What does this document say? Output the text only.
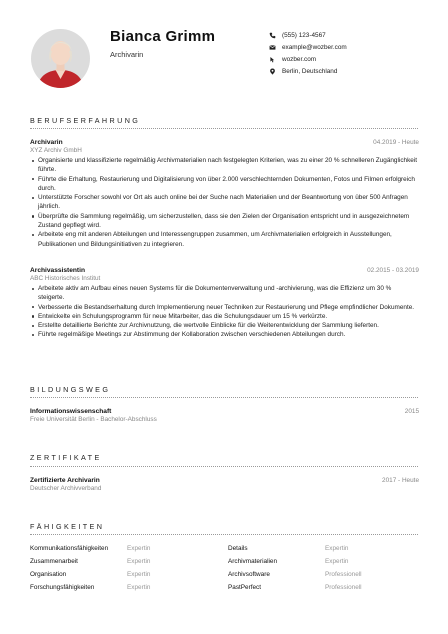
Bianca Grimm
Archivarin
(555) 123-4567
example@wozber.com
wozber.com
Berlin, Deutschland
BERUFSERFAHRUNG
Archivarin	04.2019 - Heute
XYZ Archiv GmbH
Organisierte und klassifizierte regelmäßig Archivmaterialien nach festgelegten Kriterien, was zu einer 20 % schnelleren Zugänglichkeit führte.
Führte die Erhaltung, Restaurierung und Digitalisierung von über 2.000 verschlechternden Dokumenten, Fotos und Filmen erfolgreich durch.
Unterstützte Forscher sowohl vor Ort als auch online bei der Suche nach Materialien und der Beantwortung von über 500 Anfragen jährlich.
Überprüfte die Sammlung regelmäßig, um sicherzustellen, dass sie den Zielen der Organisation entspricht und in ausgezeichnetem Zustand gepflegt wird.
Arbeitete eng mit anderen Abteilungen und Interessengruppen zusammen, um Archivmaterialien erfolgreich in Ausstellungen, Publikationen und Bildungsinitiativen zu integrieren.
Archivassistentin	02.2015 - 03.2019
ABC Historisches Institut
Arbeitete aktiv am Aufbau eines neuen Systems für die Dokumentenverwaltung und -archivierung, was die Effizienz um 30 % steigerte.
Verbesserte die Bestandserhaltung durch Implementierung neuer Techniken zur Restaurierung und Pflege empfindlicher Dokumente.
Entwickelte ein Schulungsprogramm für neue Mitarbeiter, das die Schulungsdauer um 15 % verkürzte.
Erstellte detaillierte Berichte zur Archivnutzung, die wertvolle Einblicke für die Weiterentwicklung der Sammlung lieferten.
Führte regelmäßige Meetings zur Abstimmung der Kollaboration zwischen verschiedenen Abteilungen durch.
BILDUNGSWEG
Informationswissenschaft	2015
Freie Universität Berlin - Bachelor-Abschluss
ZERTIFIKATE
Zertifizierte Archivarin	2017 - Heute
Deutscher Archivverband
FÄHIGKEITEN
Kommunikationsfähigkeiten	Expertin	Details	Expertin
Zusammenarbeit	Expertin	Archivmaterialien	Expertin
Organisation	Expertin	Archivsoftware	Professionell
Forschungsfähigkeiten	Expertin	PastPerfect	Professionell
